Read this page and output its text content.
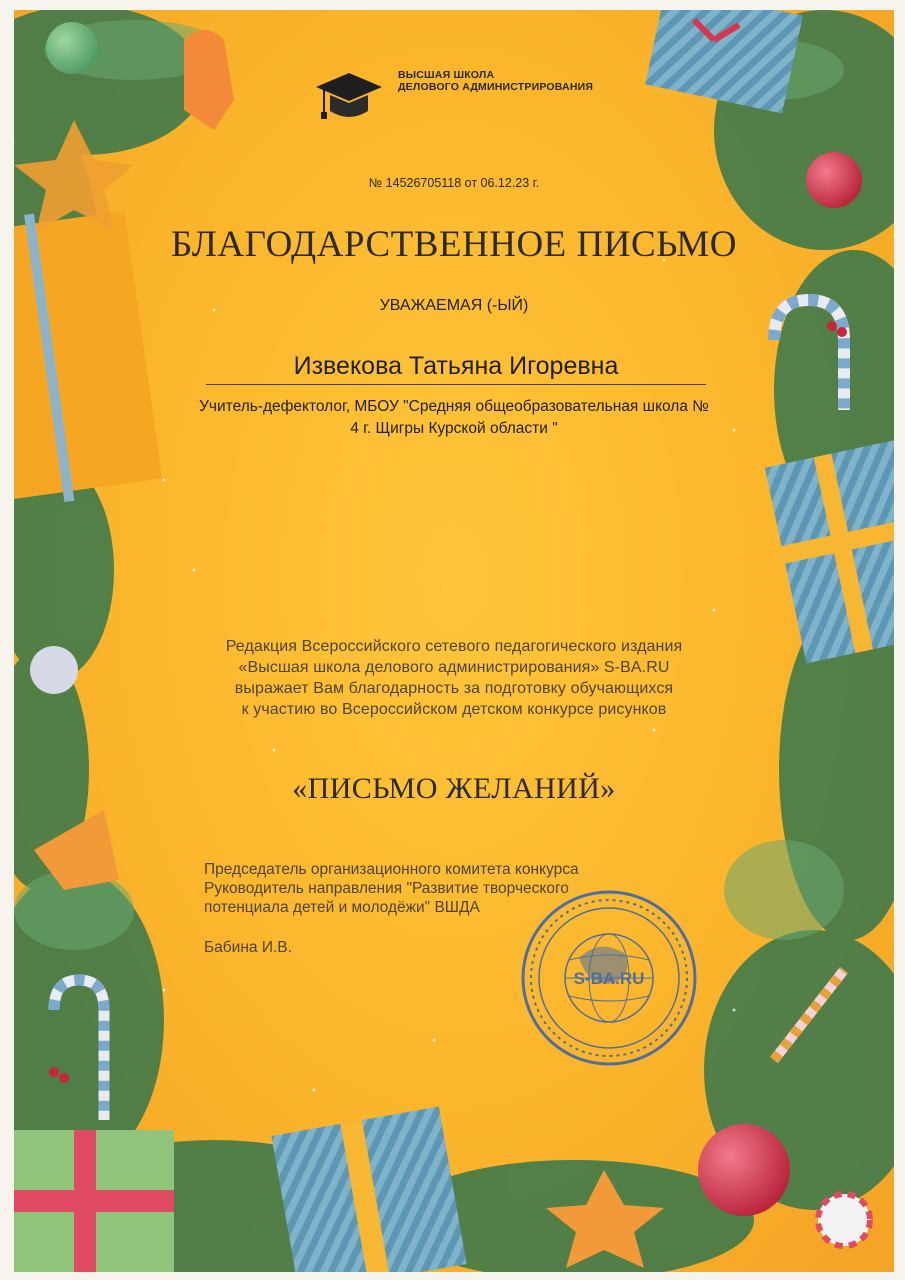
ВЫСШАЯ ШКОЛА
ДЕЛОВОГО АДМИНИСТРИРОВАНИЯ
№ 14526705118 от 06.12.23 г.
БЛАГОДАРСТВЕННОЕ ПИСЬМО
УВАЖАЕМАЯ (-ЫЙ)
Извекова Татьяна Игоревна
Учитель-дефектолог, МБОУ "Средняя общеобразовательная школа № 4 г. Щигры Курской области "
Редакция Всероссийского сетевого педагогического издания
«Высшая школа делового администрирования» S-BA.RU
выражает Вам благодарность за подготовку обучающихся
к участию во Всероссийском детском конкурсе рисунков
«ПИСЬМО ЖЕЛАНИЙ»
Председатель организационного комитета конкурса
Руководитель направления "Развитие творческого
потенциала детей и молодёжи" ВШДА
Бабина И.В.
S-BA.RU
